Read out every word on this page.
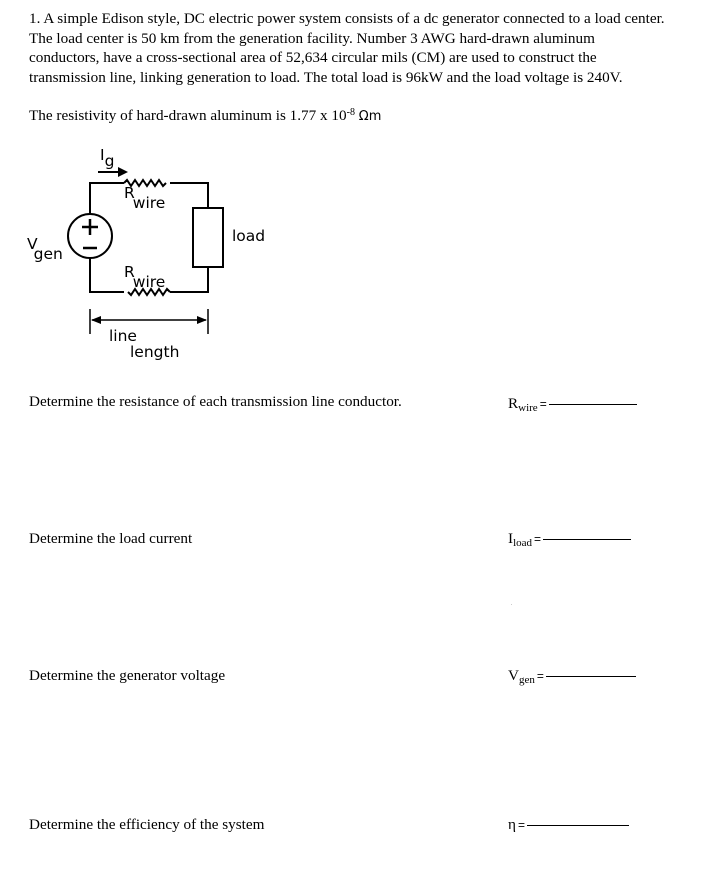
1. A simple Edison style, DC electric power system consists of a dc generator connected to a load center. The load center is 50 km from the generation facility. Number 3 AWG hard-drawn aluminum conductors, have a cross-sectional area of 52,634 circular mils (CM) are used to construct the transmission line, linking generation to load. The total load is 96kW and the load voltage is 240V.
The resistivity of hard-drawn aluminum is 1.77 x $10^{-8}$ Ωm
Ig
R wire
R wire
V gen
load
line
length
Determine the resistance of each transmission line conductor.	$R_{wire}$ =
Determine the load current	$I_{load}$ =
Determine the generator voltage	$V_{gen}$ =
Determine the efficiency of the system	η =
